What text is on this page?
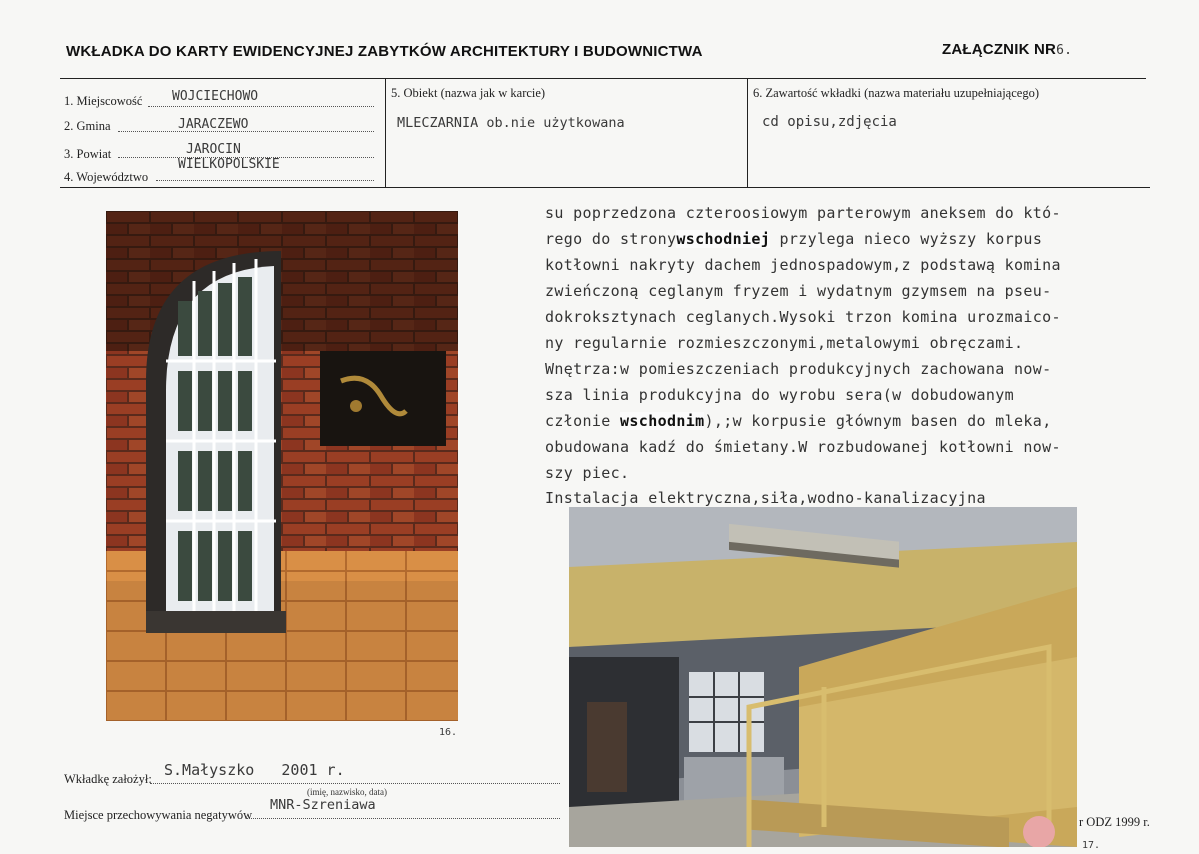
WKŁADKA DO KARTY EWIDENCYJNEJ ZABYTKÓW ARCHITEKTURY I BUDOWNICTWA	ZAŁĄCZNIK NR6.
1. Miejscowość WOJCIECHOWO
2. Gmina	JARACZEWO
3. Powiat	JAROCIN
4. Województwo
WIELKOPOLSKIE
5. Obiekt (nazwa jak w karcie)
MLECZARNIA ob.nie użytkowana
6. Zawartość wkładki (nazwa materiału uzupełniającego)
cd opisu,zdjęcia
16.
su poprzedzona czteroosiowym parterowym aneksem do któ-
rego do stronywschodniej przylega nieco wyższy korpus
kotłowni nakryty dachem jednospadowym,z podstawą komina
zwieńczoną ceglanym fryzem i wydatnym gzymsem na pseu-
dokroksztynach ceglanych.Wysoki trzon komina urozmaico-
ny regularnie rozmieszczonymi,metalowymi obręczami.
Wnętrza:w pomieszczeniach produkcyjnych zachowana now-
sza linia produkcyjna do wyrobu sera(w dobudowanym
członie wschodnim),;w korpusie głównym basen do mleka,
obudowana kadź do śmietany.W rozbudowanej kotłowni now-
szy piec.
Instalacja elektryczna,siła,wodno-kanalizacyjna
17.
Wkładkę założył: S.Małyszko   2001 r.
(imię, nazwisko, data)
Miejsce przechowywania negatywów
MNR-Szreniawa
r ODZ 1999 r.
